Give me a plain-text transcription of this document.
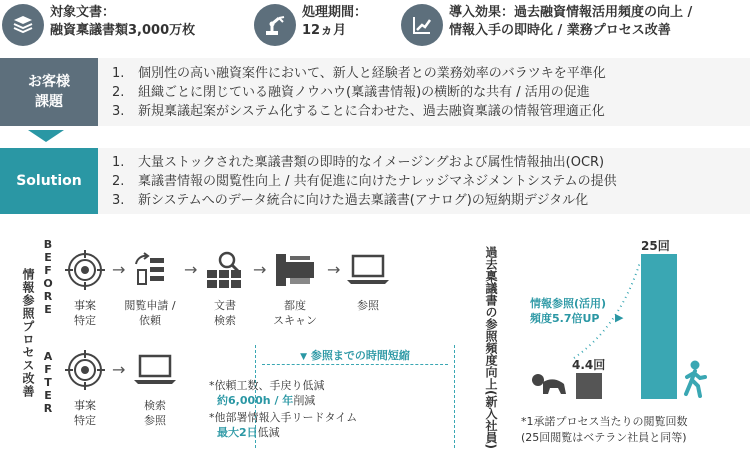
対象文書：
融資稟議書類3,000万枚
処理期間：
12ヵ月
導入効果：過去融資情報活用頻度の向上 /
情報入手の即時化 / 業務プロセス改善
お客様
課題
1.	個別性の高い融資案件において、新人と経験者との業務効率のバラツキを平準化
2.	組織ごとに閉じている融資ノウハウ(稟議書情報)の横断的な共有 / 活用の促進
3.	新規稟議起案がシステム化することに合わせた、過去融資稟議の情報管理適正化
Solution
1.	大量ストックされた稟議書類の即時的なイメージングおよび属性情報抽出(OCR)
2.	稟議書情報の閲覧性向上 / 共有促進に向けたナレッジマネジメントシステムの提供
3.	新システムへのデータ統合に向けた過去稟議書(アナログ)の短納期デジタル化
情報参照プロセス改善
BEFORE
AFTER
事案
特定
→
閲覧申請 /
依頼
→
文書
検索
→
都度
スキャン
→
参照
事案
特定
→
検索
参照
▼ 参照までの時間短縮
*依頼工数、手戻り低減
約6,000h / 年削減
*他部署情報入手リードタイム
最大2日低減	過去稟議書の参照頻度向上(新入社員)	4.4回
25回
情報参照(活用)
頻度5.7倍UP	▶
*1承諾プロセス当たりの閲覧回数
(25回閲覧はベテラン社員と同等)
